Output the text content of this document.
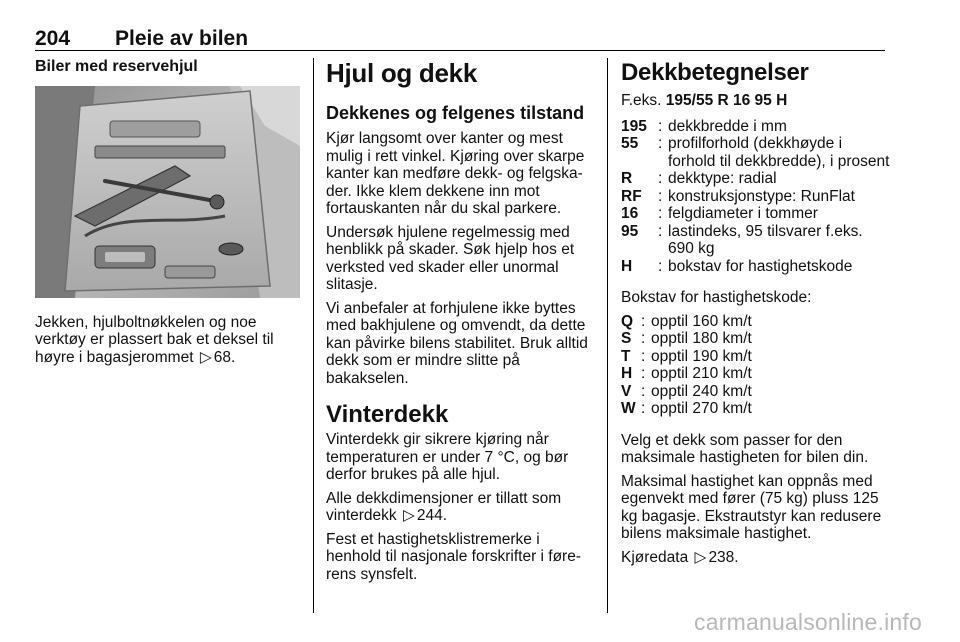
204 Pleie av bilen

Biler med reservehjul

Jekken, hjulboltnøkkelen og noe verktøy er plassert bak et deksel til høyre i bagasjerommet ▷ 68.

Hjul og dekk
Dekkenes og felgenes tilstand

Kjør langsomt over kanter og mest mulig i rett vinkel. Kjøring over skarpe kanter kan medføre dekk- og felgska-der. Ikke klem dekkene inn mot fortauskanten når du skal parkere.

Undersøk hjulene regelmessig med henblikk på skader. Søk hjelp hos et verksted ved skader eller unormal slitasje.

Vi anbefaler at forhjulene ikke byttes med bakhjulene og omvendt, da dette kan påvirke bilens stabilitet. Bruk alltid dekk som er mindre slitte på bakakselen.

Vinterdekk

Vinterdekk gir sikrere kjøring når temperaturen er under 7 °C, og bør derfor brukes på alle hjul.

Alle dekkdimensjoner er tillatt som vinterdekk ▷ 244.

Fest et hastighetsklistremerke i henhold til nasjonale forskrifter i føre-rens synsfelt.

Dekkbetegnelser

F.eks. 195/55 R 16 95 H

195 : dekkbredde i mm
55	: profilforhold (dekkhøyde i forhold til dekkbredde), i prosent
R	: dekktype: radial
RF	: konstruksjonstype: RunFlat
16	: felgdiameter i tommer
95	: lastindeks, 95 tilsvarer f.eks. 690 kg
H	: bokstav for hastighetskode

Bokstav for hastighetskode:

Q : opptil 160 km/t
S : opptil 180 km/t
T : opptil 190 km/t
H : opptil 210 km/t
V : opptil 240 km/t
W : opptil 270 km/t

Velg et dekk som passer for den maksimale hastigheten for bilen din.

Maksimal hastighet kan oppnås med egenvekt med fører (75 kg) pluss 125 kg bagasje. Ekstrautstyr kan redusere bilens maksimale hastighet.

Kjøredata ▷ 238.

carmanualsonline.info
